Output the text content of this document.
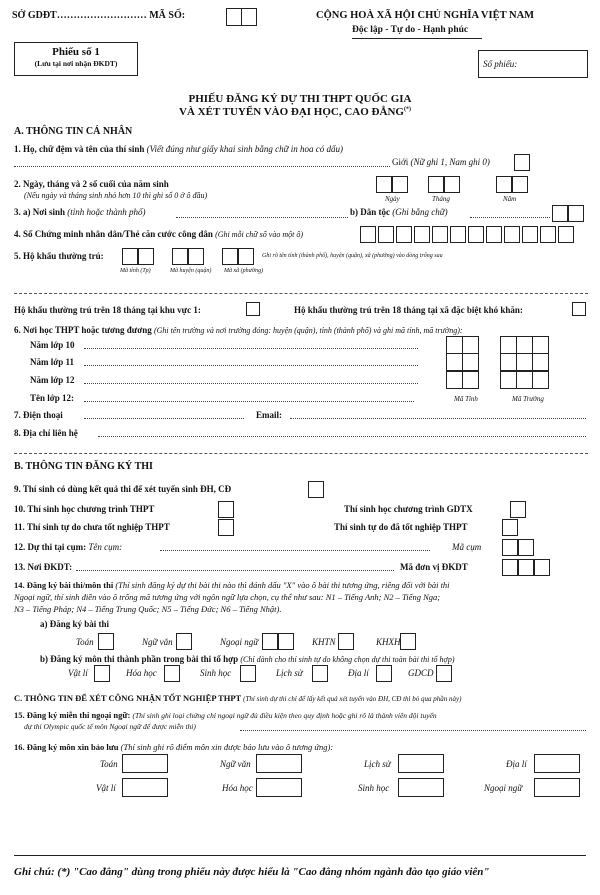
SỞ GDĐT……………………… MÃ SỐ:	CỘNG HOÀ XÃ HỘI CHỦ NGHĨA VIỆT NAM
Độc lập - Tự do - Hạnh phúc
Phiếu số 1
(Lưu tại nơi nhận ĐKDT)	Số phiếu:
PHIẾU ĐĂNG KÝ DỰ THI THPT QUỐC GIA
VÀ XÉT TUYỂN VÀO ĐẠI HỌC, CAO ĐẲNG(*)
A. THÔNG TIN CÁ NHÂN
1. Họ, chữ đệm và tên của thí sinh (Viết đúng như giấy khai sinh bằng chữ in hoa có dấu)
Giới (Nữ ghi 1, Nam ghi 0)
2. Ngày, tháng và 2 số cuối của năm sinh
(Nếu ngày và tháng sinh nhỏ hơn 10 thì ghi số 0 ở ô đầu)	Ngày	Tháng	Năm
3. a) Nơi sinh (tỉnh hoặc thành phố)	b) Dân tộc (Ghi bằng chữ)
4. Số Chứng minh nhân dân/Thẻ căn cước công dân (Ghi mỗi chữ số vào một ô)
5. Hộ khẩu thường trú:	Ghi rõ tên tỉnh (thành phố), huyện (quận), xã (phường) vào dòng trống sau
Mã tỉnh (Tp)	Mã huyện (quận) Mã xã (phường)
Hộ khẩu thường trú trên 18 tháng tại khu vực 1:	Hộ khẩu thường trú trên 18 tháng tại xã đặc biệt khó khăn:
6. Nơi học THPT hoặc tương đương (Ghi tên trường và nơi trường đóng: huyện (quận), tỉnh (thành phố) và ghi mã tỉnh, mã trường):
Năm lớp 10
Năm lớp 11
Năm lớp 12
Tên lớp 12:	Mã Tỉnh	Mã Trường
7. Điện thoại	Email:
8. Địa chỉ liên hệ
B. THÔNG TIN ĐĂNG KÝ THI
9. Thí sinh có dùng kết quả thi để xét tuyển sinh ĐH, CĐ
10. Thí sinh học chương trình THPT	Thí sinh học chương trình GDTX
11. Thí sinh tự do chưa tốt nghiệp THPT	Thí sinh tự do đã tốt nghiệp THPT
12. Dự thi tại cụm: Tên cụm:	Mã cụm
13. Nơi ĐKDT:	Mã đơn vị ĐKDT
14. Đăng ký bài thi/môn thi (Thí sinh đăng ký dự thi bài thi nào thì đánh dấu "X" vào ô bài thi tương ứng, riêng đối với bài thi
Ngoại ngữ, thí sinh điền vào ô trống mã tương ứng với ngôn ngữ lựa chọn, cụ thể như sau: N1 – Tiếng Anh; N2 – Tiếng Nga;
N3 – Tiếng Pháp; N4 – Tiếng Trung Quốc; N5 – Tiếng Đức; N6 – Tiếng Nhật).
a) Đăng ký bài thi
Toán	Ngữ văn	Ngoại ngữ	KHTN	KHXH
b) Đăng ký môn thi thành phần trong bài thi tổ hợp (Chỉ dành cho thí sinh tự do không chọn dự thi toàn bài thi tổ hợp)
Vật lí	Hóa học	Sinh học	Lịch sử	Địa lí	GDCD
C. THÔNG TIN ĐỂ XÉT CÔNG NHẬN TỐT NGHIỆP THPT (Thí sinh dự thi chỉ để lấy kết quả xét tuyển vào ĐH, CĐ thì bỏ qua phần này)
15. Đăng ký miễn thi ngoại ngữ: (Thí sinh ghi loại chứng chỉ ngoại ngữ đủ điều kiện theo quy định hoặc ghi rõ là thành viên đội tuyển
dự thi Olympic quốc tế môn Ngoại ngữ để được miễn thi)
16. Đăng ký môn xin bảo lưu (Thí sinh ghi rõ điểm môn xin được bảo lưu vào ô tương ứng):
Toán	Ngữ văn	Lịch sử	Địa lí
Vật lí	Hóa học	Sinh học	Ngoại ngữ
Ghi chú: (*) "Cao đẳng" dùng trong phiếu này được hiểu là "Cao đẳng nhóm ngành đào tạo giáo viên"
